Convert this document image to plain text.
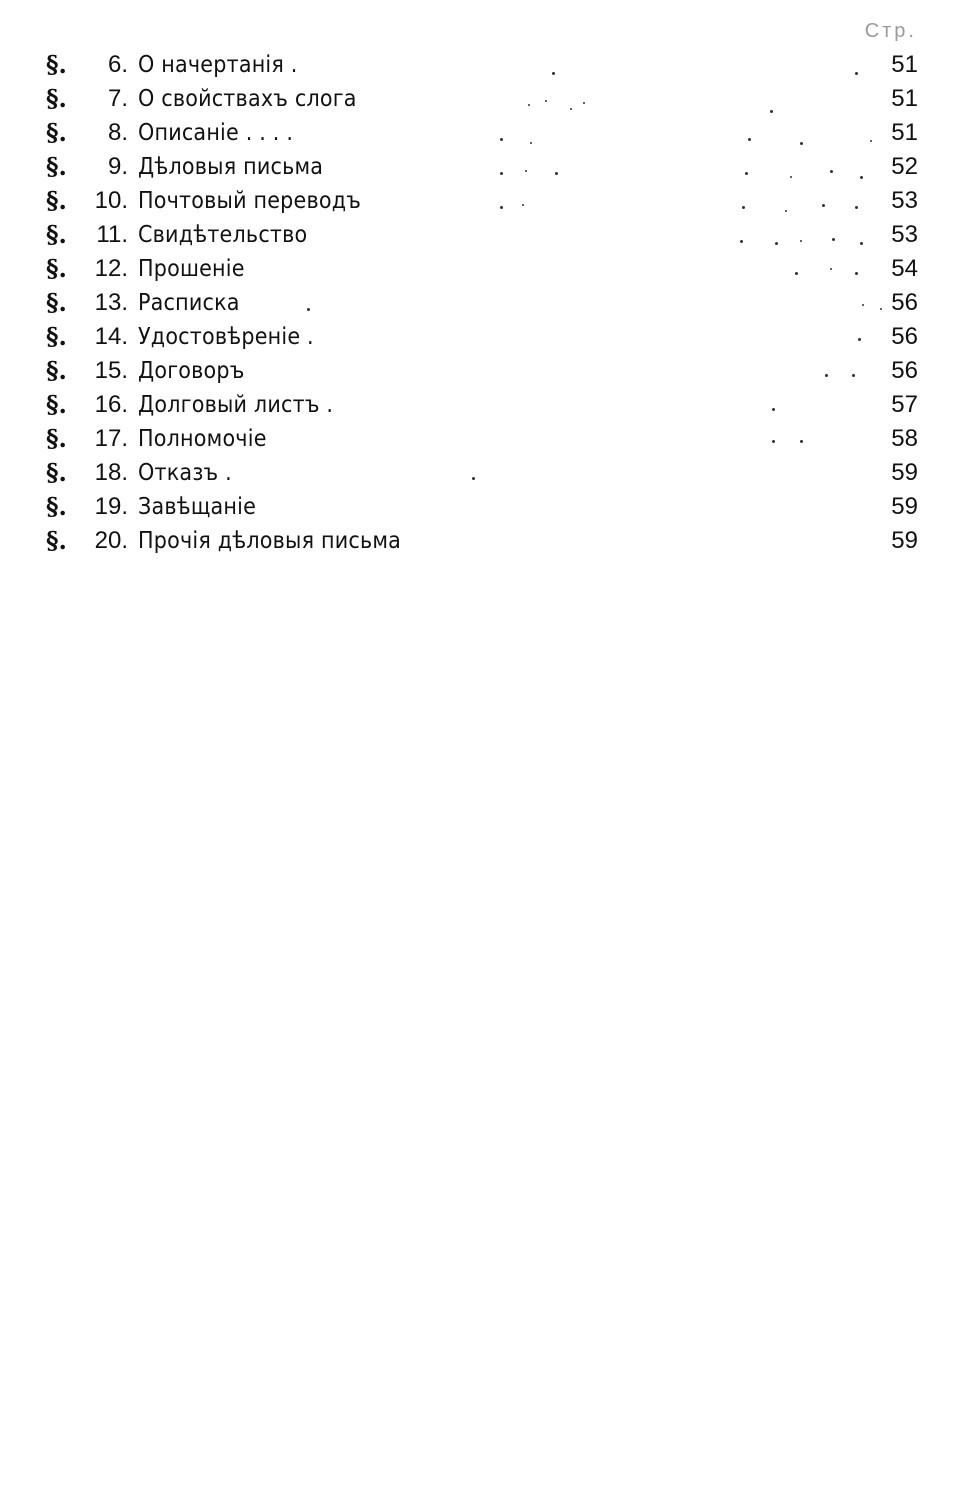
Стр.
§.	6. О начертанія .	51
§.	7. О свойствахъ слога	51
§.	8. Описаніе . . . .	51
§.	9. Дѣловыя письма	52
§.	10. Почтовый переводъ	53
§.	11. Свидѣтельство	53
§.	12. Прошеніе	54
§.	13. Расписка	56
§.	14. Удостовѣреніе .	56
§.	15. Договоръ	56
§.	16. Долговый листъ .	57
§.	17. Полномочіе	58
§.	18. Отказъ .	59
§.	19. Завѣщаніе	59
§.	20. Прочія дѣловыя письма	59
